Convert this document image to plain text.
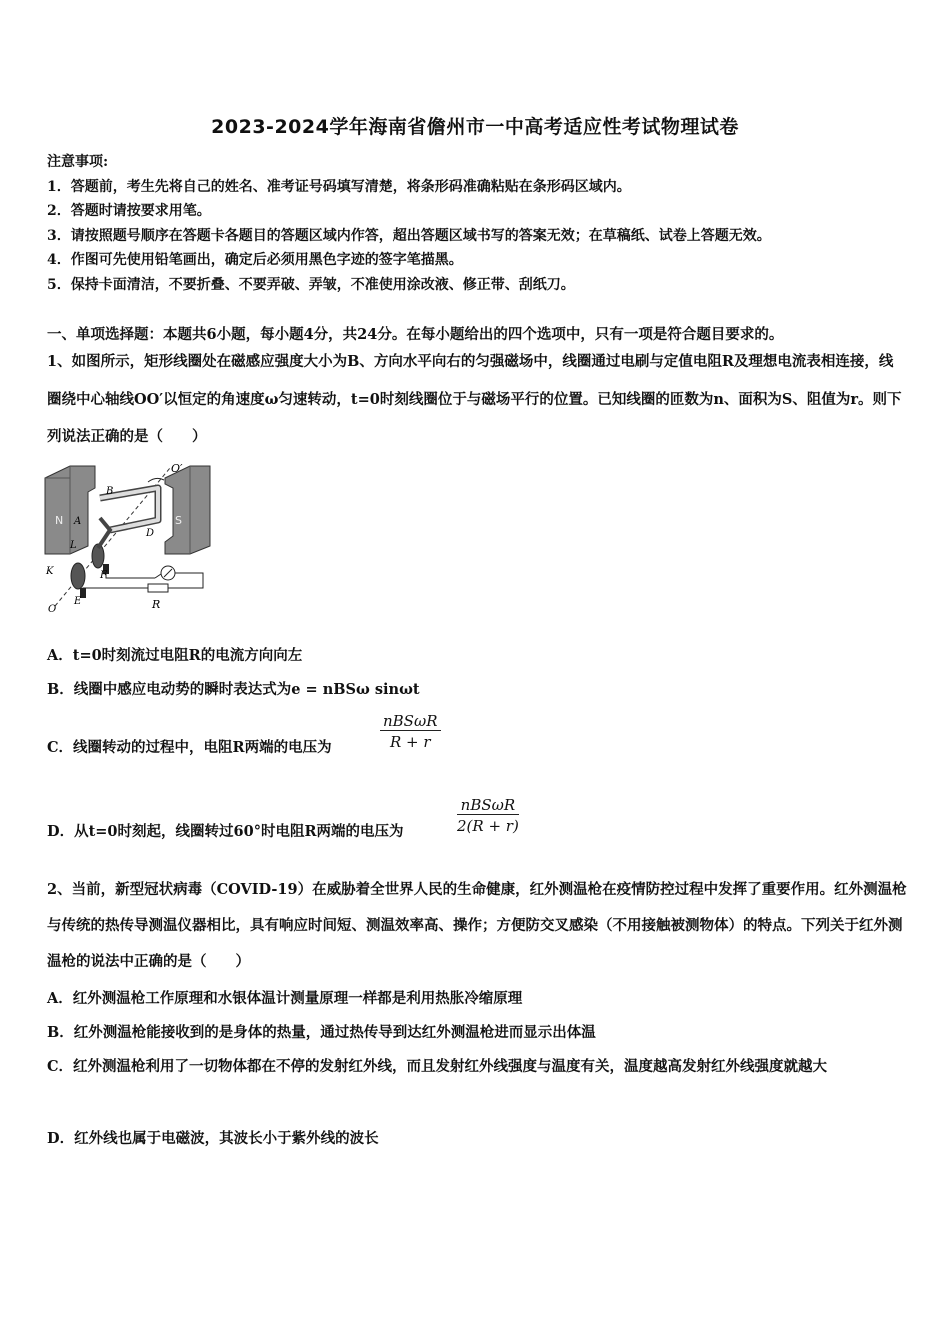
2023-2024学年海南省儋州市一中高考适应性考试物理试卷
注意事项:
1．答题前，考生先将自己的姓名、准考证号码填写清楚，将条形码准确粘贴在条形码区域内。
2．答题时请按要求用笔。
3．请按照题号顺序在答题卡各题目的答题区域内作答，超出答题区域书写的答案无效；在草稿纸、试卷上答题无效。
4．作图可先使用铅笔画出，确定后必须用黑色字迹的签字笔描黑。
5．保持卡面清洁，不要折叠、不要弄破、弄皱，不准使用涂改液、修正带、刮纸刀。
一、单项选择题：本题共6小题，每小题4分，共24分。在每小题给出的四个选项中，只有一项是符合题目要求的。
1、如图所示，矩形线圈处在磁感应强度大小为B、方向水平向右的匀强磁场中，线圈通过电刷与定值电阻R及理想电流表相连接，线圈绕中心轴线OO′以恒定的角速度ω匀速转动，t=0时刻线圈位于与磁场平行的位置。已知线圈的匝数为n、面积为S、阻值为r。则下列说法正确的是（　　）
O′
B
A
L
D
K	F
E
O	R
N	S
A．t=0时刻流过电阻R的电流方向向左
B．线圈中感应电动势的瞬时表达式为e = nBSω sinωt
C．线圈转动的过程中，电阻R两端的电压为
nBSωR
R + r
D．从t=0时刻起，线圈转过60°时电阻R两端的电压为
nBSωR
2(R + r)
2、当前，新型冠状病毒（COVID-19）在威胁着全世界人民的生命健康，红外测温枪在疫情防控过程中发挥了重要作用。红外测温枪与传统的热传导测温仪器相比，具有响应时间短、测温效率高、操作；方便防交叉感染（不用接触被测物体）的特点。下列关于红外测温枪的说法中正确的是（　　）
A．红外测温枪工作原理和水银体温计测量原理一样都是利用热胀冷缩原理
B．红外测温枪能接收到的是身体的热量，通过热传导到达红外测温枪进而显示出体温
C．红外测温枪利用了一切物体都在不停的发射红外线，而且发射红外线强度与温度有关，温度越高发射红外线强度就越大
D．红外线也属于电磁波，其波长小于紫外线的波长
